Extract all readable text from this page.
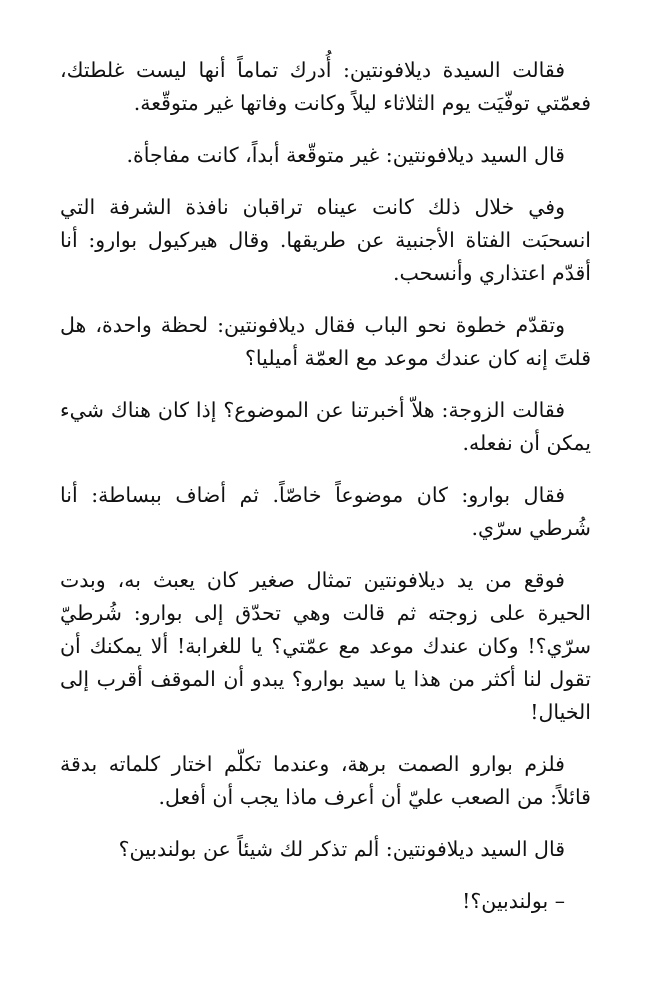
فقالت السيدة ديلافونتين: أُدرك تماماً أنها ليست غلطتك، فعمّتي توفّيَت يوم الثلاثاء ليلاً وكانت وفاتها غير متوقّعة.

قال السيد ديلافونتين: غير متوقّعة أبداً، كانت مفاجأة.

وفي خلال ذلك كانت عيناه تراقبان نافذة الشرفة التي انسحبَت الفتاة الأجنبية عن طريقها. وقال هيركيول بوارو: أنا أقدّم اعتذاري وأنسحب.

وتقدّم خطوة نحو الباب فقال ديلافونتين: لحظة واحدة، هل قلتَ إنه كان عندك موعد مع العمّة أميليا؟

فقالت الزوجة: هلاّ أخبرتنا عن الموضوع؟ إذا كان هناك شيء يمكن أن نفعله.

فقال بوارو: كان موضوعاً خاصّاً. ثم أضاف ببساطة: أنا شُرطي سرّي.

فوقع من يد ديلافونتين تمثال صغير كان يعبث به، وبدت الحيرة على زوجته ثم قالت وهي تحدّق إلى بوارو: شُرطيّ سرّي؟! وكان عندك موعد مع عمّتي؟ يا للغرابة! ألا يمكنك أن تقول لنا أكثر من هذا يا سيد بوارو؟ يبدو أن الموقف أقرب إلى الخيال!

فلزم بوارو الصمت برهة، وعندما تكلّم اختار كلماته بدقة قائلاً: من الصعب عليّ أن أعرف ماذا يجب أن أفعل.

قال السيد ديلافونتين: ألم تذكر لك شيئاً عن بولندبين؟

– بولندبين؟!
